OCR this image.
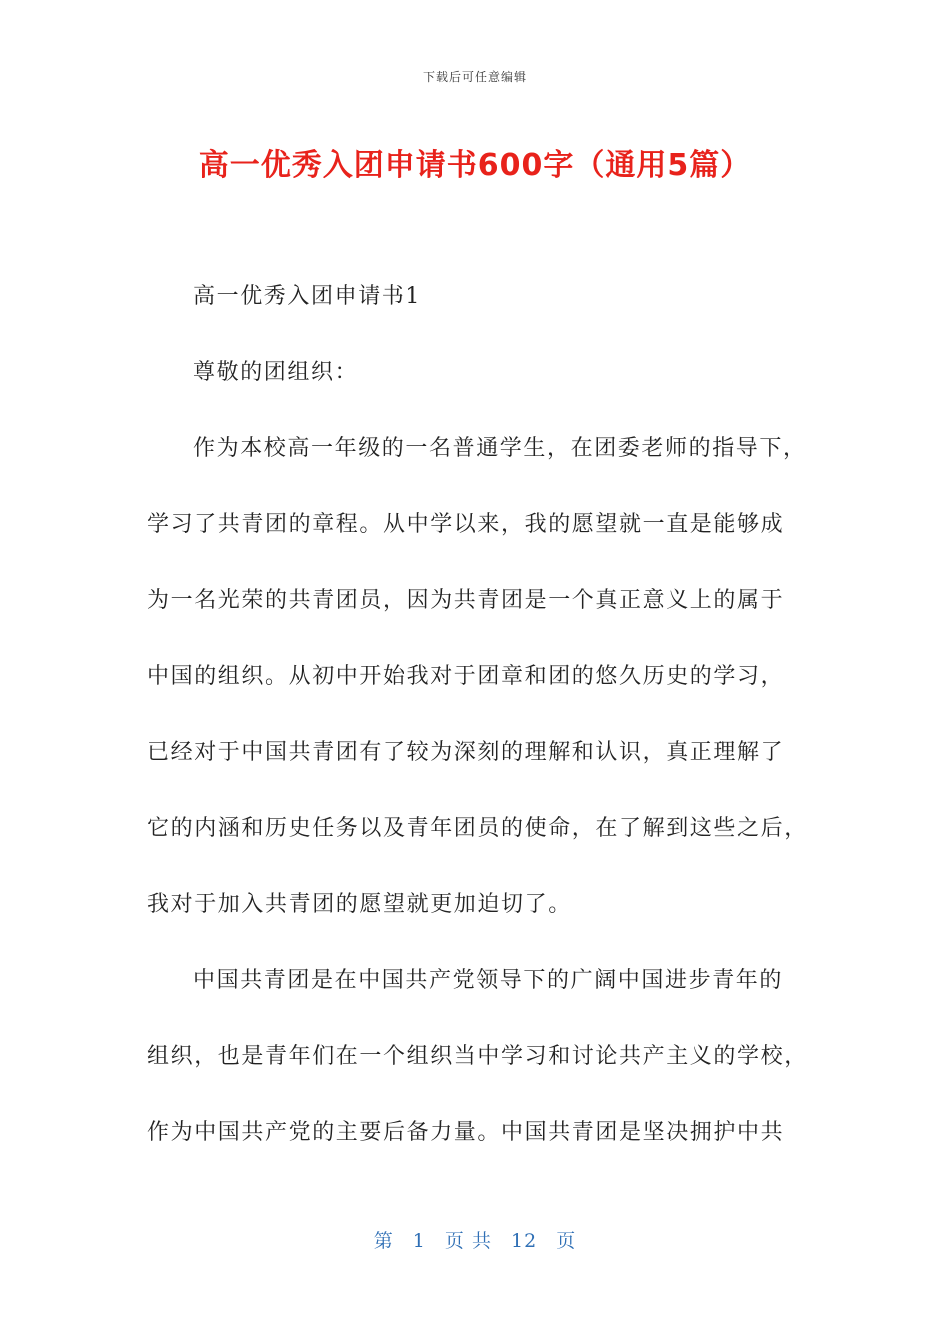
下载后可任意编辑
高一优秀入团申请书600字（通用5篇）
高一优秀入团申请书1
尊敬的团组织：
作为本校高一年级的一名普通学生，在团委老师的指导下，
学习了共青团的章程。从中学以来，我的愿望就一直是能够成
为一名光荣的共青团员，因为共青团是一个真正意义上的属于
中国的组织。从初中开始我对于团章和团的悠久历史的学习，
已经对于中国共青团有了较为深刻的理解和认识，真正理解了
它的内涵和历史任务以及青年团员的使命，在了解到这些之后，
我对于加入共青团的愿望就更加迫切了。
中国共青团是在中国共产党领导下的广阔中国进步青年的
组织，也是青年们在一个组织当中学习和讨论共产主义的学校，
作为中国共产党的主要后备力量。中国共青团是坚决拥护中共
第 1 页 共 12 页
